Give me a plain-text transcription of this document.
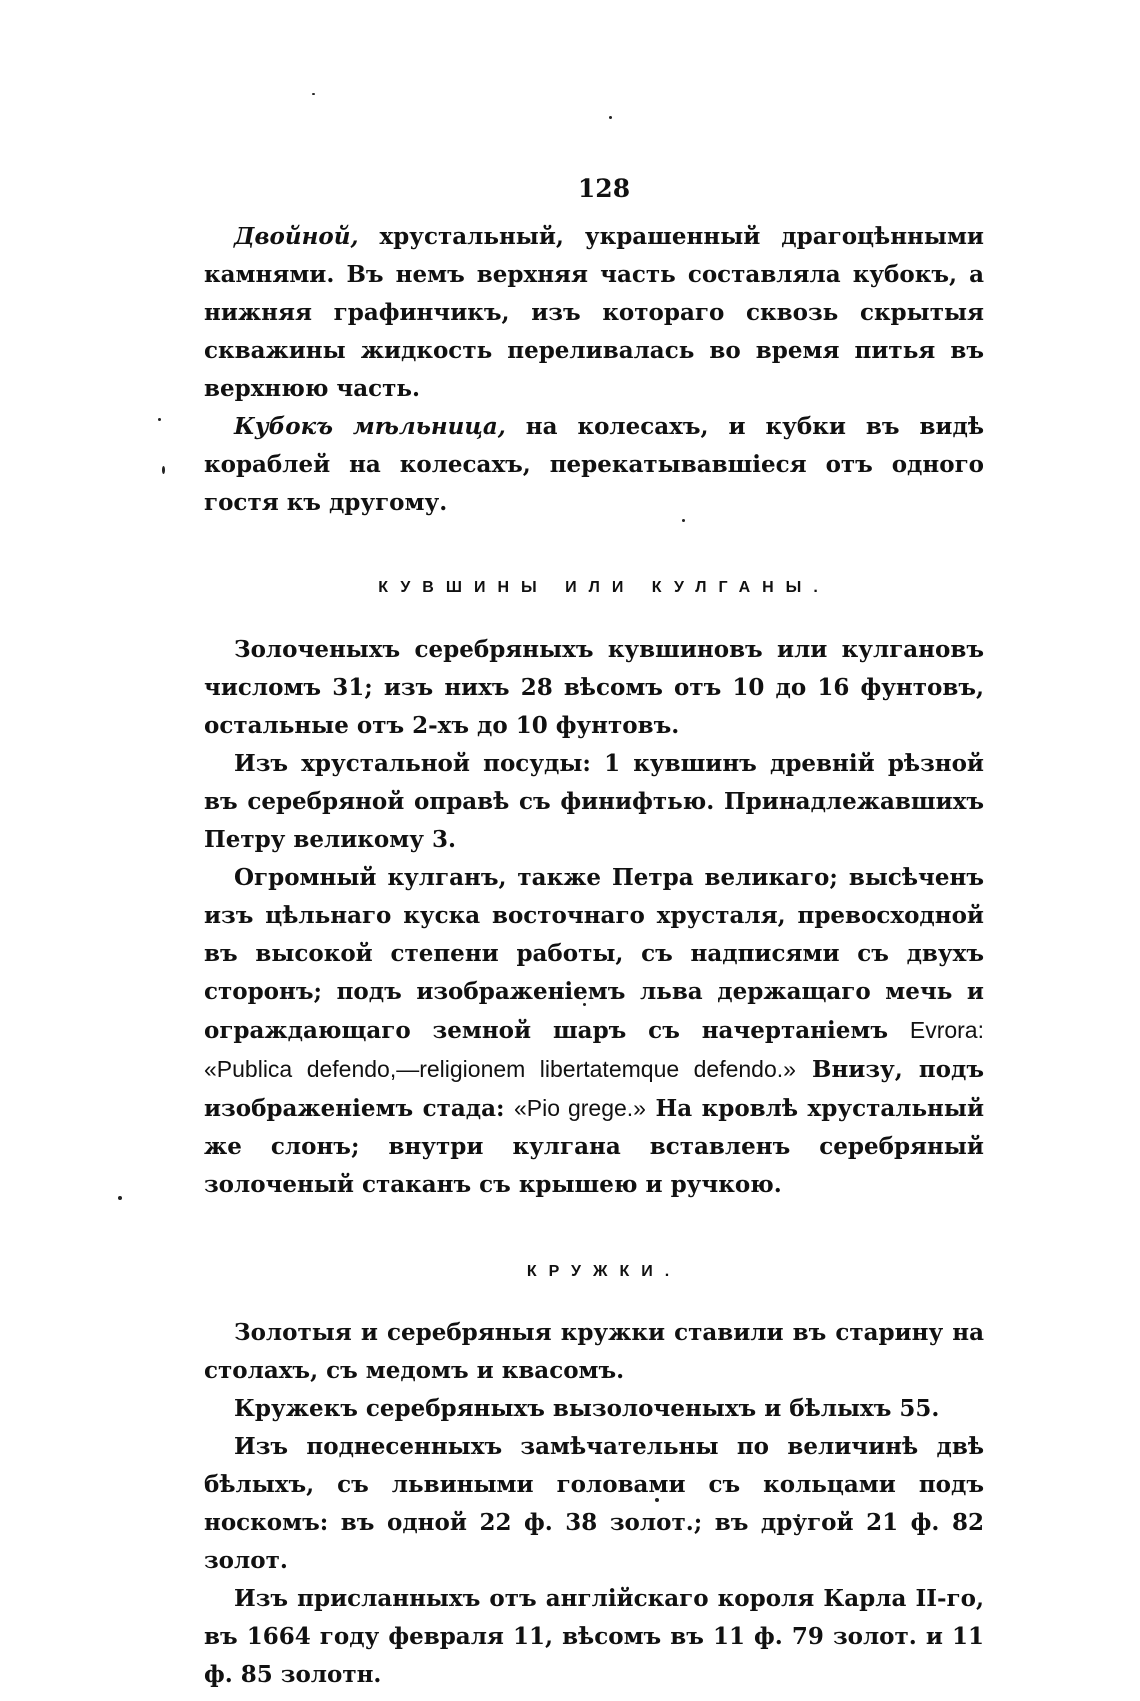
128

Двойной, хрустальный, украшенный драгоцѣнными камнями. Въ немъ верхняя часть составляла кубокъ, а нижняя графинчикъ, изъ котораго сквозь скрытыя скважины жидкость переливалась во время питья въ верхнюю часть.

Кубокъ мѣльница, на колесахъ, и кубки въ видѣ кораблей на колесахъ, перекатывавшіеся отъ одного гостя къ другому.

КУВШИНЫ ИЛИ КУЛГАНЫ.

Золоченыхъ серебряныхъ кувшиновъ или кулгановъ числомъ 31; изъ нихъ 28 вѣсомъ отъ 10 до 16 фунтовъ, остальные отъ 2-хъ до 10 фунтовъ.

Изъ хрустальной посуды: 1 кувшинъ древній рѣзной въ серебряной оправѣ съ финифтью. Принадлежавшихъ Петру великому 3.

Огромный кулганъ, также Петра великаго; высѣченъ изъ цѣльнаго куска восточнаго хрусталя, превосходной въ высокой степени работы, съ надписями съ двухъ сторонъ; подъ изображеніемъ льва держащаго мечь и ограждающаго земной шаръ съ начертаніемъ Evrora: «Publica defendo,—religionem libertatemque defendo.» Внизу, подъ изображеніемъ стада: «Pio grege.» На кровлѣ хрустальный же слонъ; внутри кулгана вставленъ серебряный золоченый стаканъ съ крышею и ручкою.

КРУЖКИ.

Золотыя и серебряныя кружки ставили въ старину на столахъ, съ медомъ и квасомъ.

Кружекъ серебряныхъ вызолоченыхъ и бѣлыхъ 55.

Изъ поднесенныхъ замѣчательны по величинѣ двѣ бѣлыхъ, съ львиными головами съ кольцами подъ носкомъ: въ одной 22 ф. 38 золот.; въ другой 21 ф. 82 золот.

Изъ присланныхъ отъ англійскаго короля Карла II-го, въ 1664 году февраля 11, вѣсомъ въ 11 ф. 79 золот. и 11 ф. 85 золотн.
